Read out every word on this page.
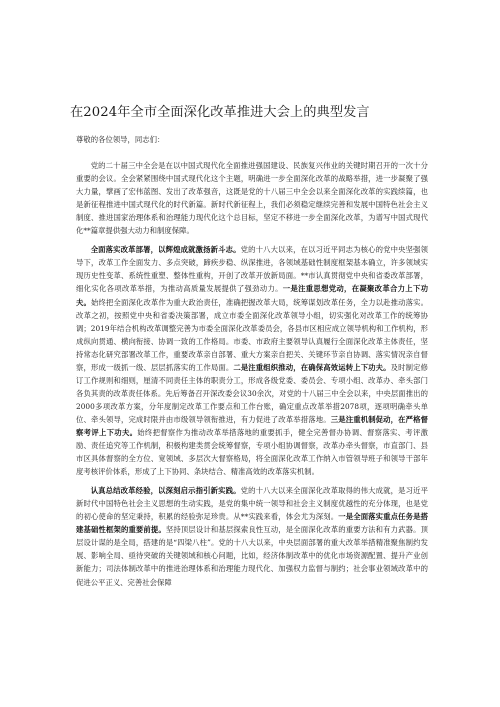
在2024年全市全面深化改革推进大会上的典型发言

尊敬的各位领导，同志们：

党的二十届三中全会是在以中国式现代化全面推进强国建设、民族复兴伟业的关键时期召开的一次十分重要的会议。全会紧紧围绕中国式现代化这个主题，明确进一步全面深化改革的战略举措，进一步凝聚了强大力量，擘画了宏伟蓝图、发出了改革强音，这既是党的十八届三中全会以来全面深化改革的实践续篇，也是新征程推进中国式现代化的时代新篇。新时代新征程上，我们必须稳定继续完善和发展中国特色社会主义制度、推进国家治理体系和治理能力现代化这个总目标，坚定不移进一步全面深化改革，为谱写中国式现代化**篇章提供强大动力和制度保障。

全面落实改革部署，以辉煌成就激扬新斗志。党的十八大以来，在以习近平同志为核心的党中央坚强领导下，改革工作全面发力、多点突破，蹄疾步稳、纵深推进，各领域基础性制度框架基本确立，许多领域实现历史性变革、系统性重塑、整体性重构，开创了改革开放新局面。**市认真贯彻党中央和省委改革部署，细化实化各项改革举措，为推动高质量发展提供了强劲动力。一是注重思想党动，在凝聚改革合力上下功夫。始终把全面深化改革作为重大政治责任，准确把握改革大局，统筹谋划改革任务，全力以赴推动落实。改革之初，按照党中央和省委决策部署，成立市委全面深化改革领导小组，切实强化对改革工作的统筹协调；2019年结合机构改革调整完善为市委全面深化改革委员会，各县市区相应成立领导机构和工作机构，形成纵向贯通、横向衔接、协调一致的工作格局。市委、市政府主要领导认真履行全面深化改革主体责任，坚持常态化研究部署改革工作，重要改革亲自部署、重大方案亲自把关、关键环节亲自协调、落实情况亲自督察，形成一级抓一级、层层抓落实的工作局面。二是注重组织推动，在确保高效运转上下功夫。及时制定修订工作规则和细则，厘清不同责任主体的职责分工，形成各级党委、委员会、专项小组、改革办、牵头部门各负其责的改革责任体系。先后筹备召开深改委会议30余次，对党的十八届三中全会以来，中央层面推出的2000多项改革方案，分年度制定改革工作要点和工作台账，确定重点改革举措2078项，逐项明确牵头单位、牵头领导，完成时限并由市级领导领衔推进，有力促进了改革举措落地。三是注重机制促动，在严格督察考评上下功夫。始终把督察作为推动改革举措落地的重要抓手，健全完善督办协调、督察落实、考评激励、责任追究等工作机制，积极构建类贯会统筹督察，专项小组协调督察，改革办牵头督察，市直部门、县市区具体督察的全方位、宽领域、多层次大督察格局，将全面深化改革工作纳入市管领导班子和领导干部年度考核评价体系，形成了上下协同、条块结合、精准高效的改革落实机制。

认真总结改革经验，以深刻启示指引新实践。党的十八大以来全面深化改革取得的伟大成就，是习近平新时代中国特色社会主义思想的生动实践，是党的集中统一领导和社会主义制度优越性的充分体现，也是党的初心使命的坚定秉持，积累的经验弥足珍贵。从**实践来看，体会尤为深刻。一是全面落实重点任务是搭建基础性框架的重要前提。坚持顶层设计和基层探索良性互动，是全面深化改革的重要方法和有力武器。顶层设计谋的是全局，搭建的是“四梁八柱”。党的十八大以来，中央层面部署的重大改革举措精准聚焦制约发展、影响全局、亟待突破的关键领域和核心问题，比如，经济体制改革中的优化市场资源配置、提升产业创新能力；司法体制改革中的推进治理体系和治理能力现代化、加强权力监督与制约；社会事业领域改革中的促进公平正义、完善社会保障
